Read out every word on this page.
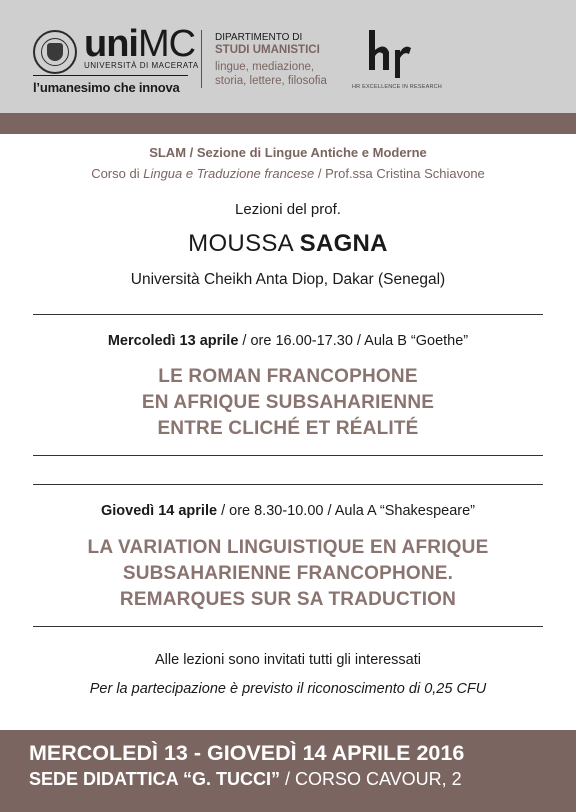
uniMC
UNIVERSITÀ DI MACERATA
l’umanesimo che innova
DIPARTIMENTO DI
STUDI UMANISTICI
lingue, mediazione,
storia, lettere, filosofia	HR EXCELLENCE IN RESEARCH
SLAM / Sezione di Lingue Antiche e Moderne
Corso di Lingua e Traduzione francese / Prof.ssa Cristina Schiavone
Lezioni del prof.
MOUSSA SAGNA
Università Cheikh Anta Diop, Dakar (Senegal)
Mercoledì 13 aprile / ore 16.00-17.30 / Aula B “Goethe”
LE ROMAN FRANCOPHONE
EN AFRIQUE SUBSAHARIENNE
ENTRE CLICHÉ ET RÉALITÉ
Giovedì 14 aprile / ore 8.30-10.00 / Aula A “Shakespeare”
LA VARIATION LINGUISTIQUE EN AFRIQUE
SUBSAHARIENNE FRANCOPHONE.
REMARQUES SUR SA TRADUCTION
Alle lezioni sono invitati tutti gli interessati
Per la partecipazione è previsto il riconoscimento di 0,25 CFU
MERCOLEDÌ 13 - GIOVEDÌ 14 APRILE 2016
SEDE DIDATTICA “G. TUCCI” / CORSO CAVOUR, 2
